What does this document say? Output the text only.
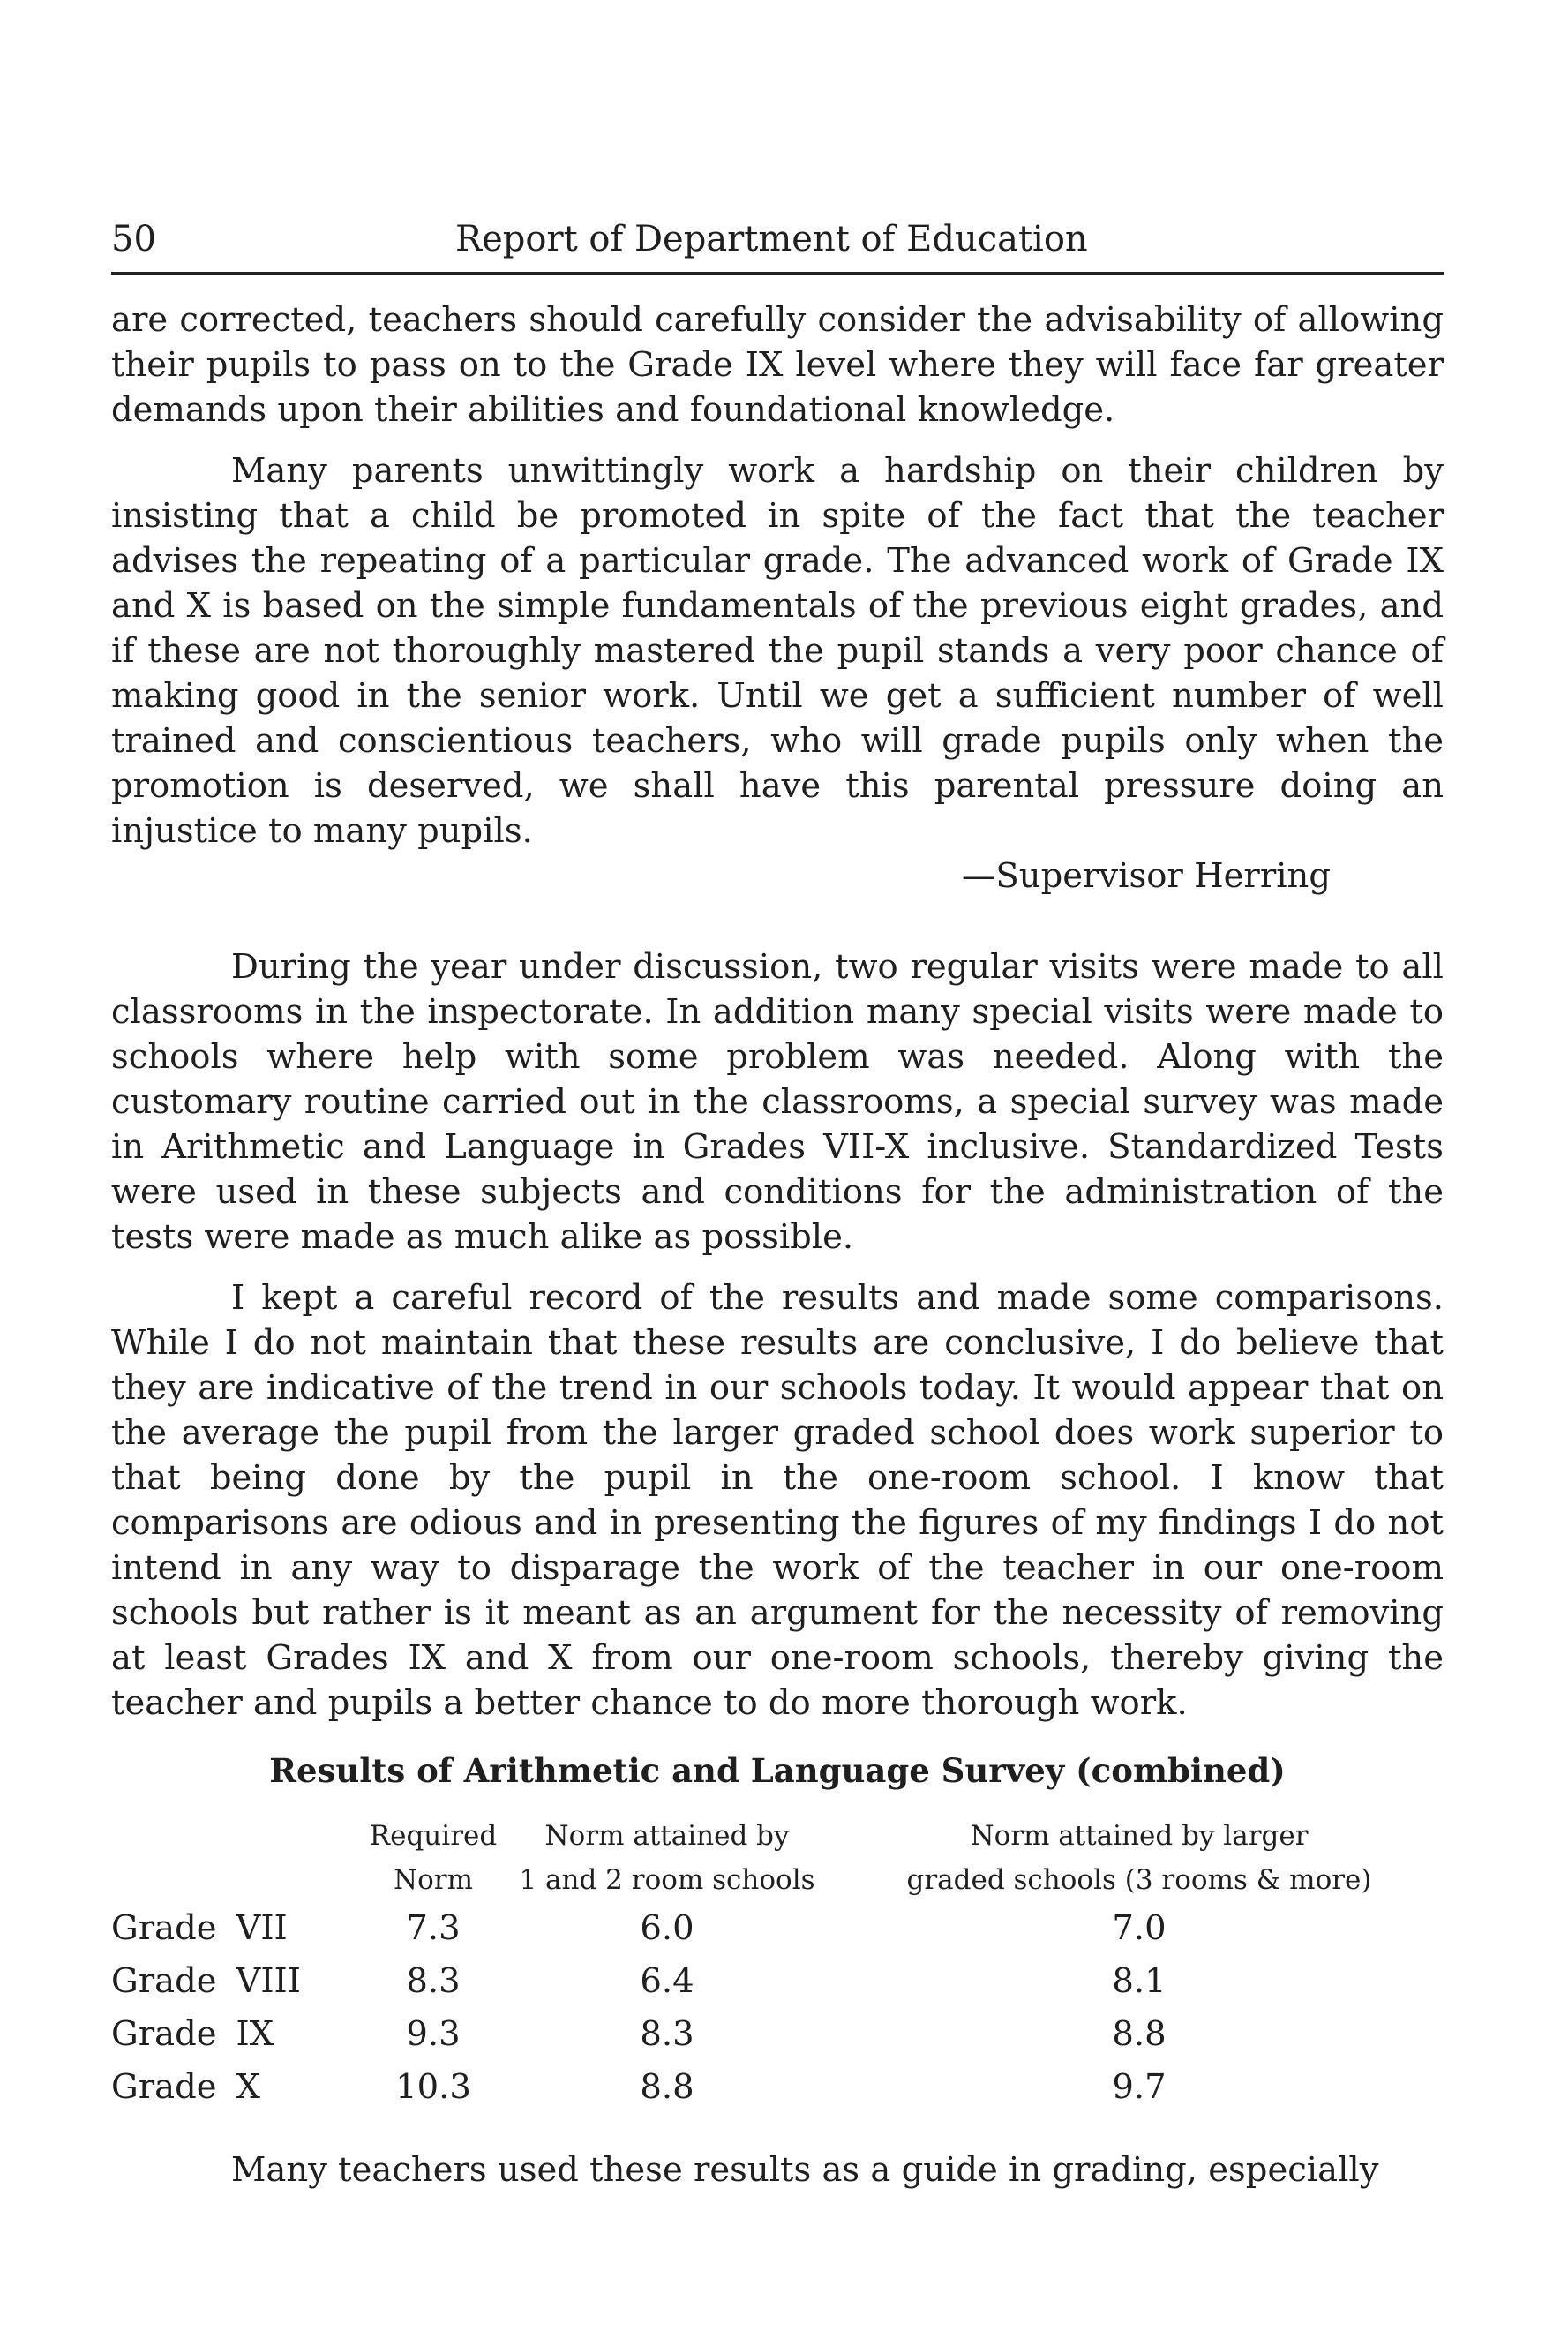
50	Report of Department of Education

are corrected, teachers should carefully consider the advisability of allowing their pupils to pass on to the Grade IX level where they will face far greater demands upon their abilities and foundational knowledge.

Many parents unwittingly work a hardship on their children by insisting that a child be promoted in spite of the fact that the teacher advises the repeating of a particular grade. The advanced work of Grade IX and X is based on the simple fundamentals of the previous eight grades, and if these are not thoroughly mastered the pupil stands a very poor chance of making good in the senior work. Until we get a sufficient number of well trained and conscientious teachers, who will grade pupils only when the promotion is deserved, we shall have this parental pressure doing an injustice to many pupils.

—Supervisor Herring

During the year under discussion, two regular visits were made to all classrooms in the inspectorate. In addition many special visits were made to schools where help with some problem was needed. Along with the customary routine carried out in the classrooms, a special survey was made in Arithmetic and Language in Grades VII-X inclusive. Standardized Tests were used in these subjects and conditions for the administration of the tests were made as much alike as possible.

I kept a careful record of the results and made some comparisons. While I do not maintain that these results are conclusive, I do believe that they are indicative of the trend in our schools today. It would appear that on the average the pupil from the larger graded school does work superior to that being done by the pupil in the one-room school. I know that comparisons are odious and in presenting the figures of my findings I do not intend in any way to disparage the work of the teacher in our one-room schools but rather is it meant as an argument for the necessity of removing at least Grades IX and X from our one-room schools, thereby giving the teacher and pupils a better chance to do more thorough work.

Results of Arithmetic and Language Survey (combined)
	Required	Norm attained by	Norm attained by larger
	Norm	1 and 2 room schools	graded schools (3 rooms & more)
Grade VII	7.3	6.0	7.0
Grade VIII	8.3	6.4	8.1
Grade IX	9.3	8.3	8.8
Grade X	10.3	8.8	9.7

Many teachers used these results as a guide in grading, especially
